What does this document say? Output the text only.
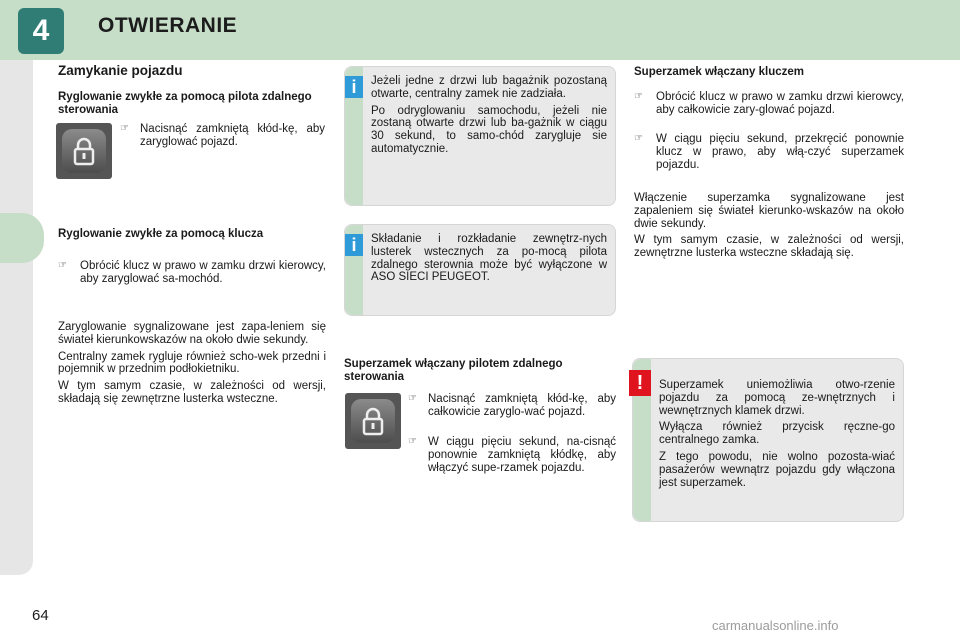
4	OTWIERANIE
Zamykanie pojazdu
Ryglowanie zwykłe za pomocą pilota zdalnego sterowania
☞ Nacisnąć zamkniętą kłód-kę, aby zaryglować pojazd.
Ryglowanie zwykłe za pomocą klucza
☞	Obrócić klucz w prawo w zamku drzwi kierowcy, aby zaryglować sa-mochód.

Zaryglowanie sygnalizowane jest zapa-leniem się świateł kierunkowskazów na około dwie sekundy.

Centralny zamek rygluje również scho-wek przedni i pojemnik w przednim podłokietniku.

W tym samym czasie, w zależności od wersji, składają się zewnętrzne lusterka wsteczne.

Jeżeli jedne z drzwi lub bagażnik pozostaną otwarte, centralny zamek nie zadziała.

Po odryglowaniu samochodu, jeżeli nie zostaną otwarte drzwi lub ba-gażnik w ciągu 30 sekund, to samo-chód zarygluje sie automatycznie.

i

Składanie i rozkładanie zewnętrz-nych lusterek wstecznych za po-mocą pilota zdalnego sterownia może być wyłączone w ASO SIECI PEUGEOT.

i
Superzamek włączany pilotem zdalnego sterowania
☞ Nacisnąć zamkniętą kłód-kę, aby całkowicie zaryglo-wać pojazd.
☞ W ciągu pięciu sekund, na-cisnąć ponownie zamkniętą kłódkę, aby włączyć supe-rzamek pojazdu.
Superzamek włączany kluczem
☞	Obrócić klucz w prawo w zamku drzwi kierowcy, aby całkowicie zary-glować pojazd.
☞	W ciągu pięciu sekund, przekręcić ponownie klucz w prawo, aby włą-czyć superzamek pojazdu.

Włączenie superzamka sygnalizowane jest zapaleniem się świateł kierunko-wskazów na około dwie sekundy.

W tym samym czasie, w zależności od wersji, zewnętrzne lusterka wsteczne składają się.

Superzamek uniemożliwia otwo-rzenie pojazdu za pomocą ze-wnętrznych i wewnętrznych klamek drzwi.

Wyłącza również przycisk ręczne-go centralnego zamka.

Z tego powodu, nie wolno pozosta-wiać pasażerów wewnątrz pojazdu gdy włączona jest superzamek.

!
64
carmanualsonline.info
